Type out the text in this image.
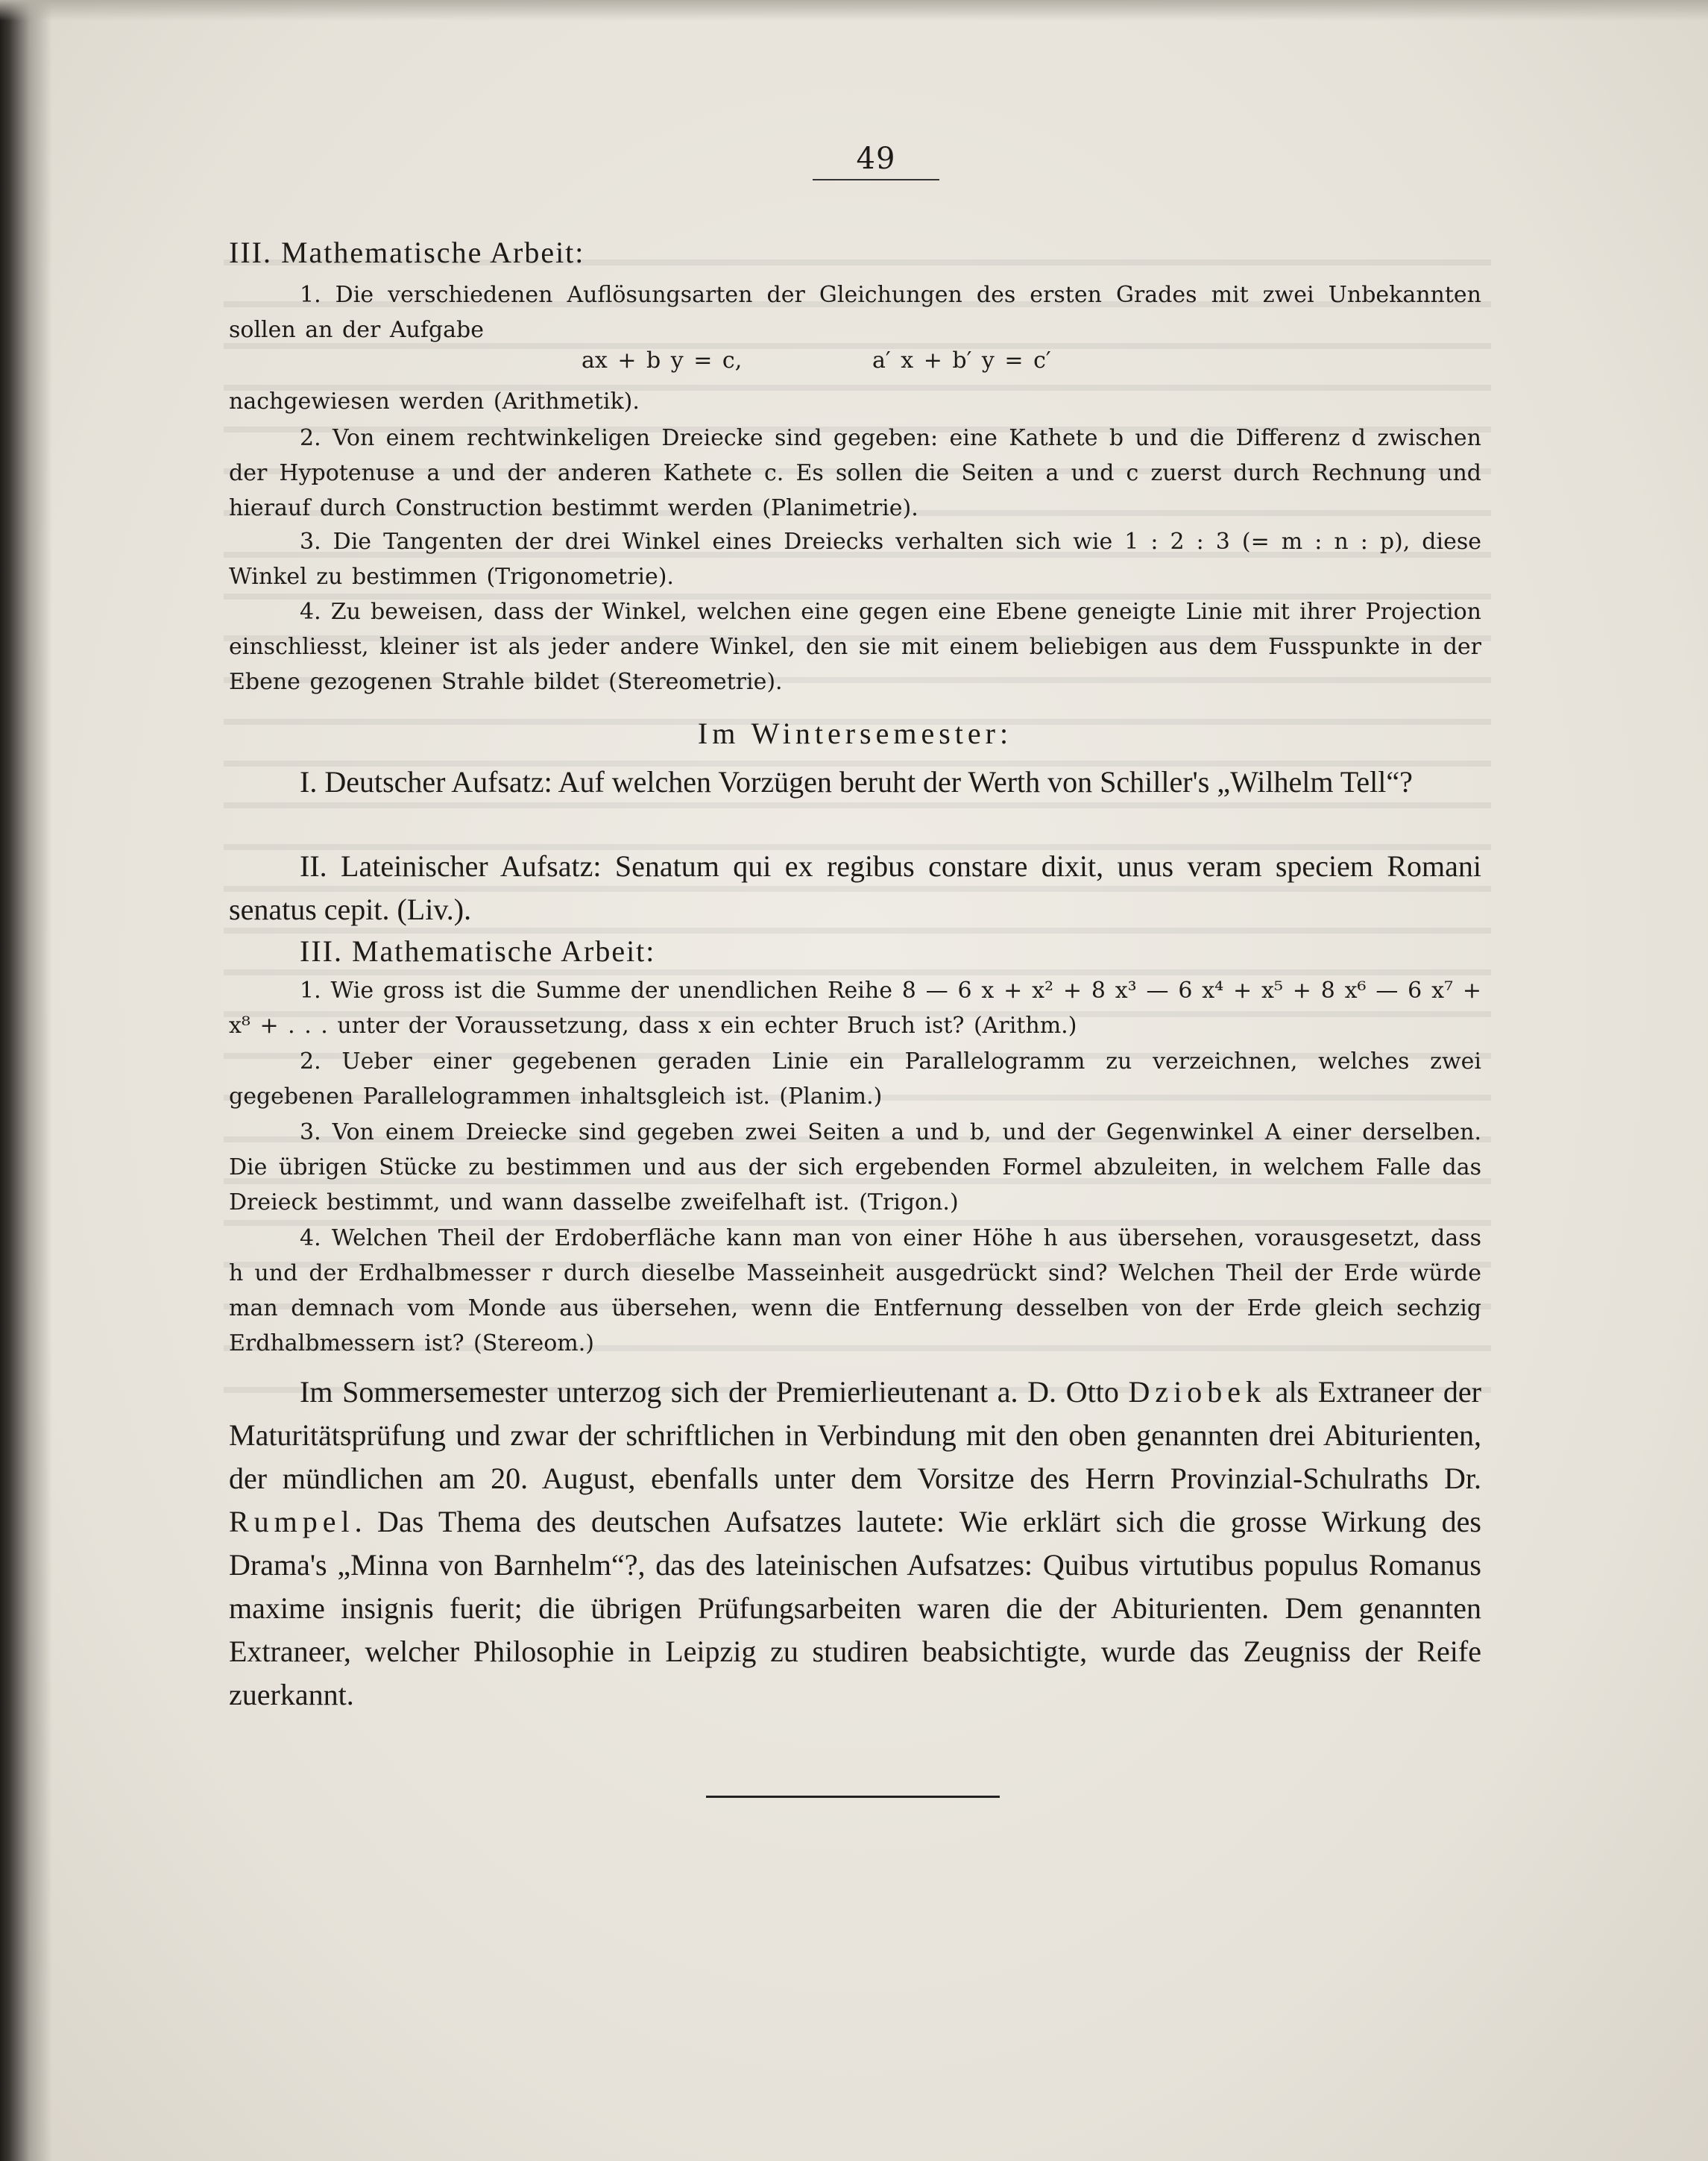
49
III. Mathematische Arbeit:
1. Die verschiedenen Auflösungsarten der Gleichungen des ersten Grades mit zwei Unbekannten sollen an der Aufgabe
ax + b y = c,	a′ x + b′ y = c′
nachgewiesen werden (Arithmetik).
2. Von einem rechtwinkeligen Dreiecke sind gegeben: eine Kathete b und die Differenz d zwischen der Hypotenuse a und der anderen Kathete c. Es sollen die Seiten a und c zuerst durch Rechnung und hierauf durch Construction bestimmt werden (Planimetrie).
3. Die Tangenten der drei Winkel eines Dreiecks verhalten sich wie 1 : 2 : 3 (= m : n : p), diese Winkel zu bestimmen (Trigonometrie).
4. Zu beweisen, dass der Winkel, welchen eine gegen eine Ebene geneigte Linie mit ihrer Projection einschliesst, kleiner ist als jeder andere Winkel, den sie mit einem beliebigen aus dem Fusspunkte in der Ebene gezogenen Strahle bildet (Stereometrie).
Im Wintersemester:
I. Deutscher Aufsatz: Auf welchen Vorzügen beruht der Werth von Schiller's „Wilhelm Tell“?
II. Lateinischer Aufsatz: Senatum qui ex regibus constare dixit, unus veram speciem Romani senatus cepit. (Liv.).
III. Mathematische Arbeit:
1. Wie gross ist die Summe der unendlichen Reihe 8 — 6 x + x² + 8 x³ — 6 x⁴ + x⁵ + 8 x⁶ — 6 x⁷ + x⁸ + . . . unter der Voraussetzung, dass x ein echter Bruch ist? (Arithm.)
2. Ueber einer gegebenen geraden Linie ein Parallelogramm zu verzeichnen, welches zwei gegebenen Parallelogrammen inhaltsgleich ist. (Planim.)
3. Von einem Dreiecke sind gegeben zwei Seiten a und b, und der Gegenwinkel A einer derselben. Die übrigen Stücke zu bestimmen und aus der sich ergebenden Formel abzuleiten, in welchem Falle das Dreieck bestimmt, und wann dasselbe zweifelhaft ist. (Trigon.)
4. Welchen Theil der Erdoberfläche kann man von einer Höhe h aus übersehen, vorausgesetzt, dass h und der Erdhalbmesser r durch dieselbe Masseinheit ausgedrückt sind? Welchen Theil der Erde würde man demnach vom Monde aus übersehen, wenn die Entfernung desselben von der Erde gleich sechzig Erdhalbmessern ist? (Stereom.)
Im Sommersemester unterzog sich der Premierlieutenant a. D. Otto Dziobek als Extraneer der Maturitätsprüfung und zwar der schriftlichen in Verbindung mit den oben genannten drei Abiturienten, der mündlichen am 20. August, ebenfalls unter dem Vorsitze des Herrn Provinzial-Schulraths Dr. Rumpel. Das Thema des deutschen Aufsatzes lautete: Wie erklärt sich die grosse Wirkung des Drama's „Minna von Barnhelm“?, das des lateinischen Aufsatzes: Quibus virtutibus populus Romanus maxime insignis fuerit; die übrigen Prüfungsarbeiten waren die der Abiturienten. Dem genannten Extraneer, welcher Philosophie in Leipzig zu studiren beabsichtigte, wurde das Zeugniss der Reife zuerkannt.
